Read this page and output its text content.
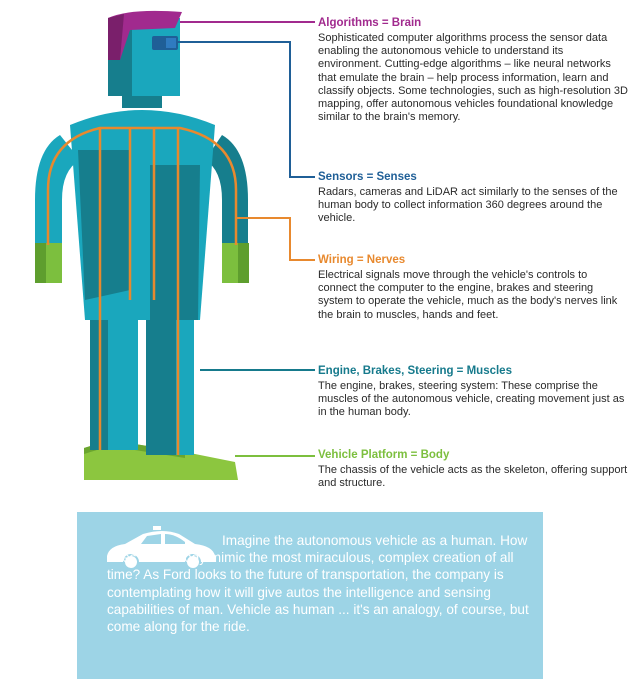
Algorithms = Brain

Sophisticated computer algorithms process the sensor data enabling the autonomous vehicle to understand its environment. Cutting-edge algorithms – like neural networks that emulate the brain – help process information, learn and classify objects. Some technologies, such as high-resolution 3D mapping, offer autonomous vehicles foundational knowledge similar to the brain's memory.

Sensors = Senses

Radars, cameras and LiDAR act similarly to the senses of the human body to collect information 360 degrees around the vehicle.

Wiring = Nerves

Electrical signals move through the vehicle's controls to connect the computer to the engine, brakes and steering system to operate the vehicle, much as the body's nerves link the brain to muscles, hands and feet.

Engine, Brakes, Steering = Muscles

The engine, brakes, steering system: These comprise the muscles of the autonomous vehicle, creating movement just as in the human body.

Vehicle Platform = Body

The chassis of the vehicle acts as the skeleton, offering support and structure.

Imagine the autonomous vehicle as a human. How does technology mimic the most miraculous, complex creation of all time? As Ford looks to the future of transportation, the company is contemplating how it will give autos the intelligence and sensing capabilities of man. Vehicle as human ... it's an analogy, of course, but come along for the ride.
